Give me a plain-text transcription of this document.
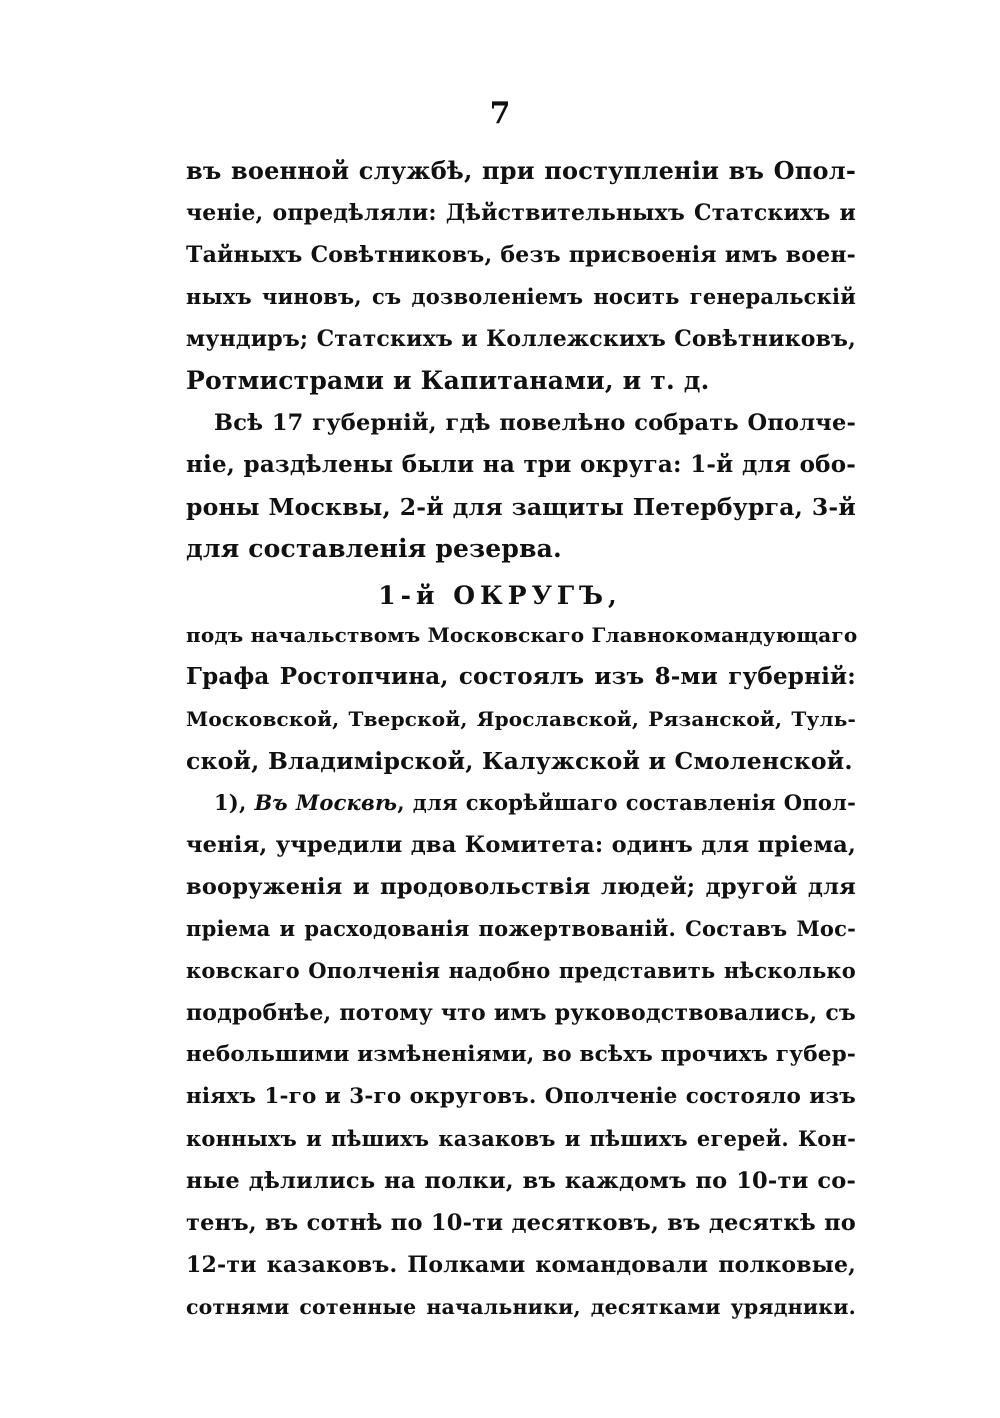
7
въ военной службѣ, при поступленіи въ Опол-
ченіе, опредѣляли: Дѣйствительныхъ Статскихъ и
Тайныхъ Совѣтниковъ, безъ присвоенія имъ воен-
ныхъ чиновъ, съ дозволеніемъ носить генеральскій
мундиръ; Статскихъ и Коллежскихъ Совѣтниковъ,
Ротмистрами и Капитанами, и т. д.
Всѣ 17 губерній, гдѣ повелѣно собрать Ополче-
ніе, раздѣлены были на три округа: 1-й для обо-
роны Москвы, 2-й для защиты Петербурга, 3-й
для составленія резерва.
1-й ОКРУГЪ,
подъ начальствомъ Московскаго Главнокомандующаго
Графа Ростопчина, состоялъ изъ 8-ми губерній:
Московской, Тверской, Ярославской, Рязанской, Туль-
ской, Владимірской, Калужской и Смоленской.
1), Въ Москвѣ, для скорѣйшаго составленія Опол-
ченія, учредили два Комитета: одинъ для пріема,
вооруженія и продовольствія людей; другой для
пріема и расходованія пожертвованій. Составъ Мос-
ковскаго Ополченія надобно представить нѣсколько
подробнѣе, потому что имъ руководствовались, съ
небольшими измѣненіями, во всѣхъ прочихъ губер-
ніяхъ 1-го и 3-го округовъ. Ополченіе состояло изъ
конныхъ и пѣшихъ казаковъ и пѣшихъ егерей. Кон-
ные дѣлились на полки, въ каждомъ по 10-ти со-
тенъ, въ сотнѣ по 10-ти десятковъ, въ десяткѣ по
12-ти казаковъ. Полками командовали полковые,
сотнями сотенные начальники, десятками урядники.
